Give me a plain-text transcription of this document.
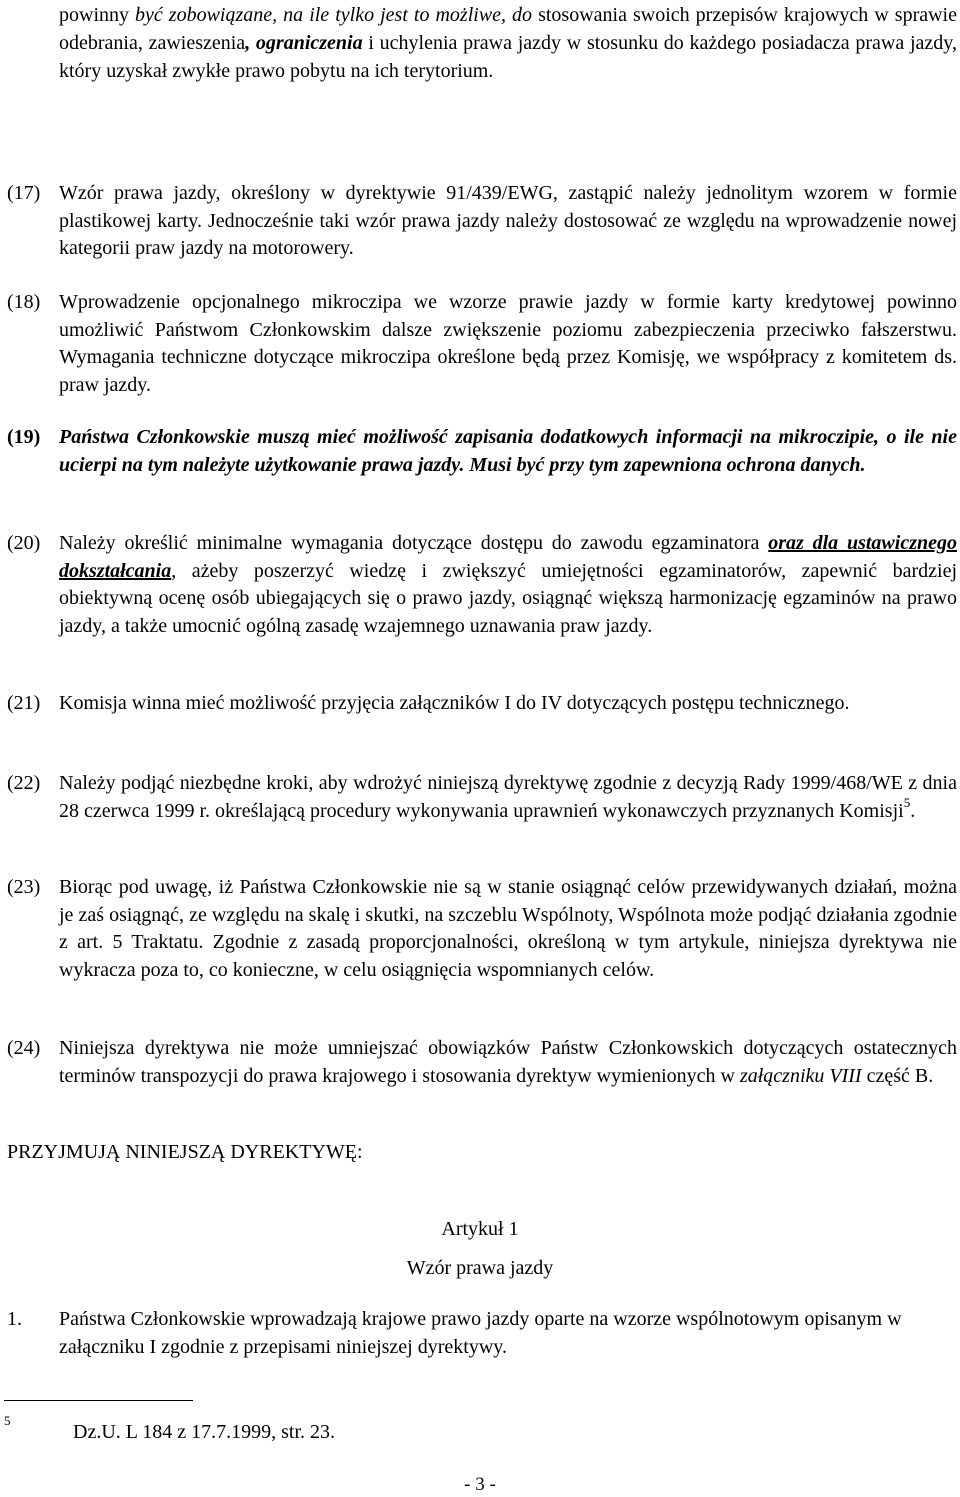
powinny być zobowiązane, na ile tylko jest to możliwe, do stosowania swoich przepisów krajowych w sprawie odebrania, zawieszenia, ograniczenia i uchylenia prawa jazdy w stosunku do każdego posiadacza prawa jazdy, który uzyskał zwykłe prawo pobytu na ich terytorium.
(17) Wzór prawa jazdy, określony w dyrektywie 91/439/EWG, zastąpić należy jednolitym wzorem w formie plastikowej karty. Jednocześnie taki wzór prawa jazdy należy dostosować ze względu na wprowadzenie nowej kategorii praw jazdy na motorowery.
(18) Wprowadzenie opcjonalnego mikroczipa we wzorze prawie jazdy w formie karty kredytowej powinno umożliwić Państwom Członkowskim dalsze zwiększenie poziomu zabezpieczenia przeciwko fałszerstwu. Wymagania techniczne dotyczące mikroczipa określone będą przez Komisję, we współpracy z komitetem ds. praw jazdy.
(19) Państwa Członkowskie muszą mieć możliwość zapisania dodatkowych informacji na mikroczipie, o ile nie ucierpi na tym należyte użytkowanie prawa jazdy. Musi być przy tym zapewniona ochrona danych.
(20) Należy określić minimalne wymagania dotyczące dostępu do zawodu egzaminatora oraz dla ustawicznego dokształcania, ażeby poszerzyć wiedzę i zwiększyć umiejętności egzaminatorów, zapewnić bardziej obiektywną ocenę osób ubiegających się o prawo jazdy, osiągnąć większą harmonizację egzaminów na prawo jazdy, a także umocnić ogólną zasadę wzajemnego uznawania praw jazdy.
(21) Komisja winna mieć możliwość przyjęcia załączników I do IV dotyczących postępu technicznego.
(22) Należy podjąć niezbędne kroki, aby wdrożyć niniejszą dyrektywę zgodnie z decyzją Rady 1999/468/WE z dnia 28 czerwca 1999 r. określającą procedury wykonywania uprawnień wykonawczych przyznanych Komisji$^5$.
(23) Biorąc pod uwagę, iż Państwa Członkowskie nie są w stanie osiągnąć celów przewidywanych działań, można je zaś osiągnąć, ze względu na skalę i skutki, na szczeblu Wspólnoty, Wspólnota może podjąć działania zgodnie z art. 5 Traktatu. Zgodnie z zasadą proporcjonalności, określoną w tym artykule, niniejsza dyrektywa nie wykracza poza to, co konieczne, w celu osiągnięcia wspomnianych celów.
(24) Niniejsza dyrektywa nie może umniejszać obowiązków Państw Członkowskich dotyczących ostatecznych terminów transpozycji do prawa krajowego i stosowania dyrektyw wymienionych w załączniku VIII część B.
PRZYJMUJĄ NINIEJSZĄ DYREKTYWĘ:
Artykuł 1
Wzór prawa jazdy
1.	Państwa Członkowskie wprowadzają krajowe prawo jazdy oparte na wzorze wspólnotowym opisanym w załączniku I zgodnie z przepisami niniejszej dyrektywy.
5
Dz.U. L 184 z 17.7.1999, str. 23.
- 3 -
